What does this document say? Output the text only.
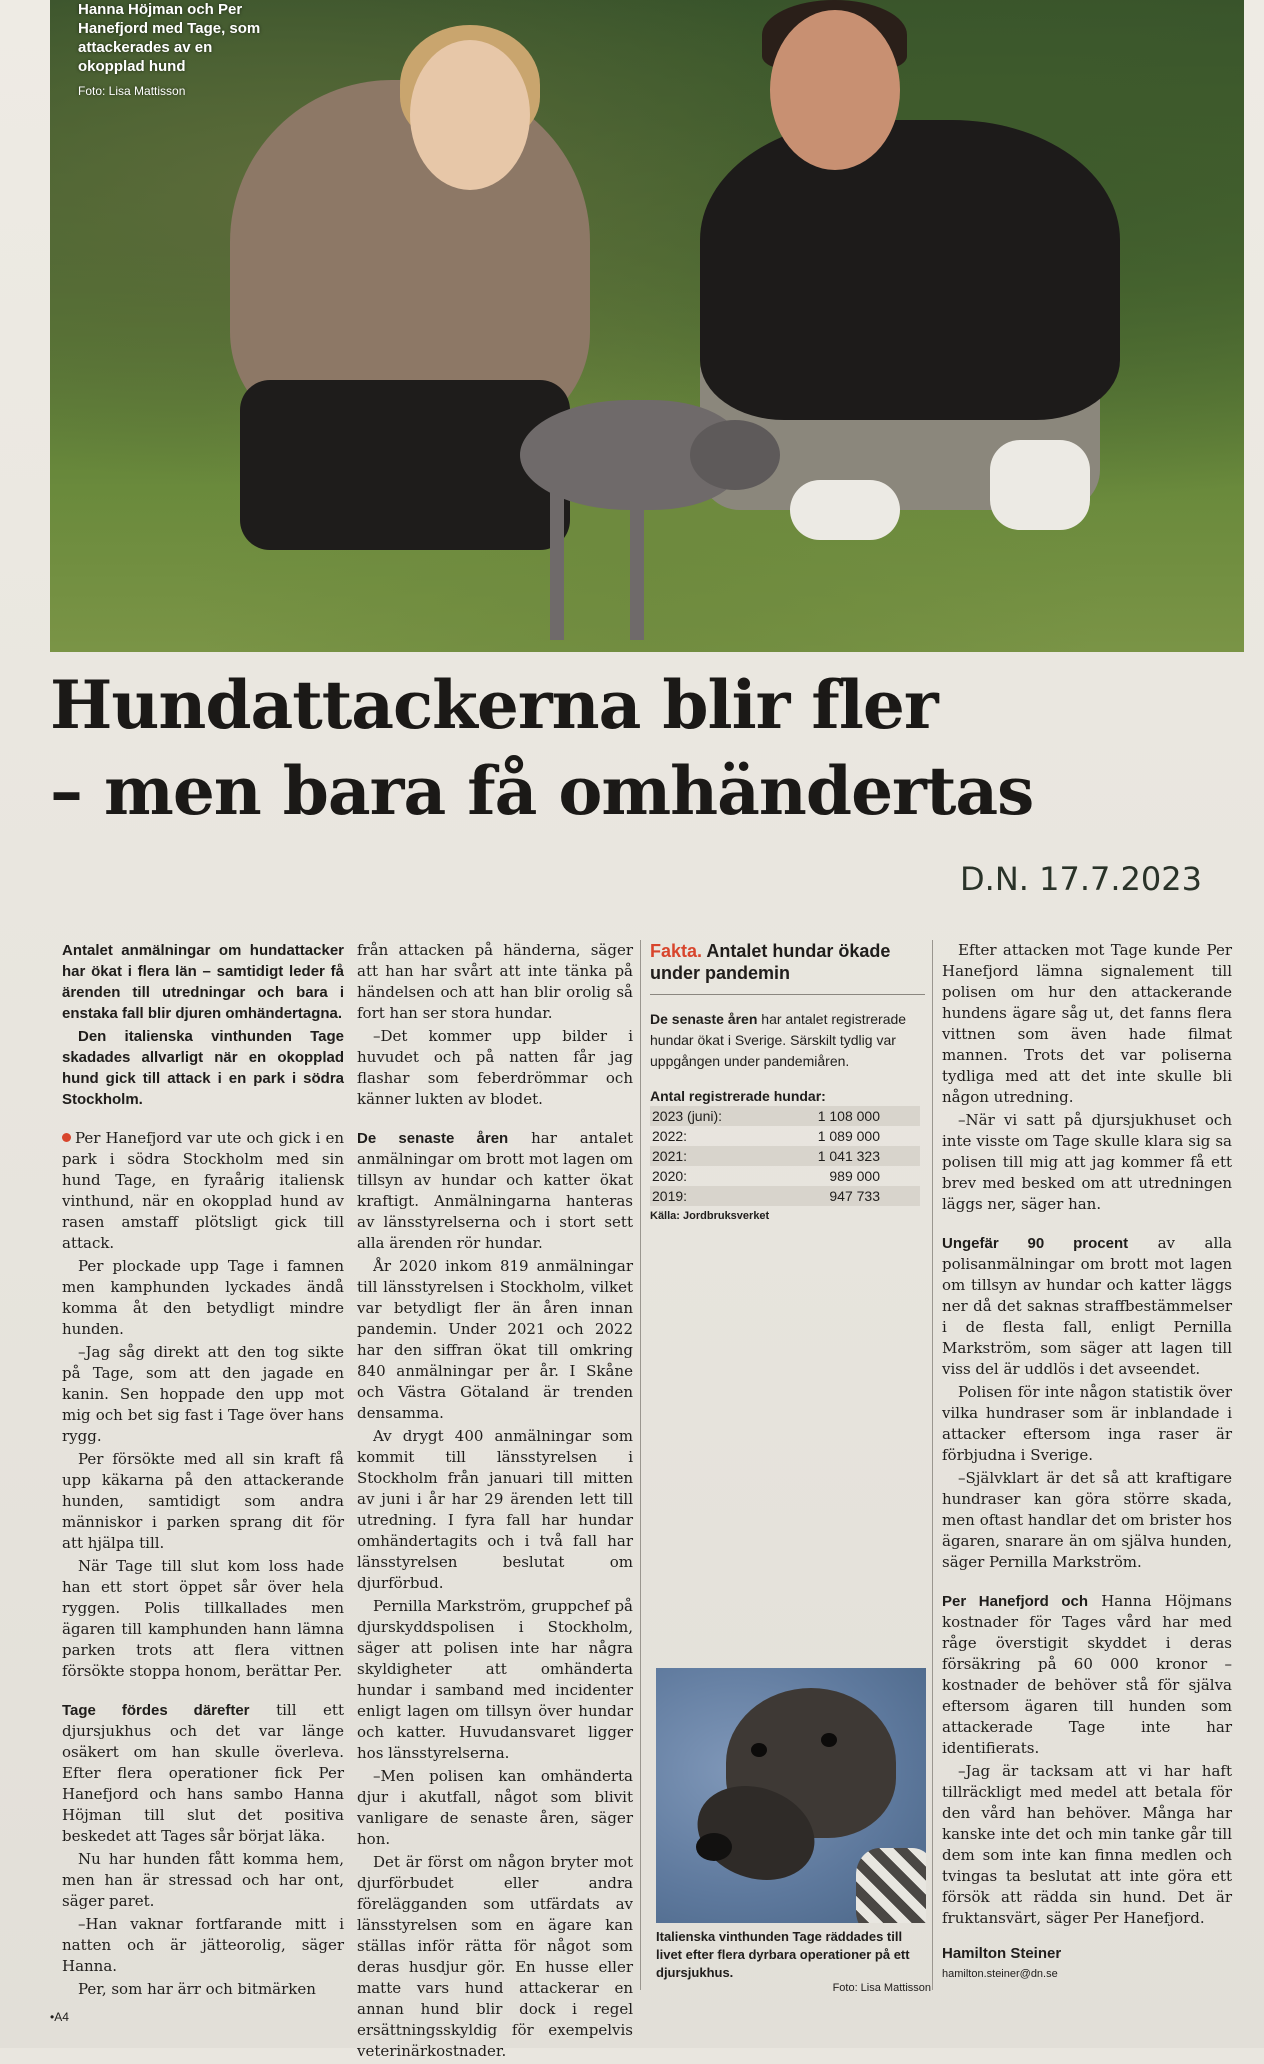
Hanna Höjman och Per Hanefjord med Tage, som attackerades av en okopplad hund
Foto: Lisa Mattisson
Hundattackerna blir fler
– men bara få omhändertas
D.N. 17.7.2023

Antalet anmälningar om hundattacker har ökat i flera län – samtidigt leder få ärenden till utredningar och bara i enstaka fall blir djuren omhändertagna.

Den italienska vinthunden Tage skadades allvarligt när en okopplad hund gick till attack i en park i södra Stockholm.

Per Hanefjord var ute och gick i en park i södra Stockholm med sin hund Tage, en fyraårig italiensk vinthund, när en okopplad hund av rasen amstaff plötsligt gick till attack.

Per plockade upp Tage i famnen men kamphunden lyckades ändå komma åt den betydligt mindre hunden.

–Jag såg direkt att den tog sikte på Tage, som att den jagade en kanin. Sen hoppade den upp mot mig och bet sig fast i Tage över hans rygg.

Per försökte med all sin kraft få upp käkarna på den attackerande hunden, samtidigt som andra människor i parken sprang dit för att hjälpa till.

När Tage till slut kom loss hade han ett stort öppet sår över hela ryggen. Polis tillkallades men ägaren till kamphunden hann lämna parken trots att flera vittnen försökte stoppa honom, berättar Per.

Tage fördes därefter till ett djursjukhus och det var länge osäkert om han skulle överleva. Efter flera operationer fick Per Hanefjord och hans sambo Hanna Höjman till slut det positiva beskedet att Tages sår börjat läka.

Nu har hunden fått komma hem, men han är stressad och har ont, säger paret.

–Han vaknar fortfarande mitt i natten och är jätteorolig, säger Hanna.

Per, som har ärr och bitmärken

från attacken på händerna, säger att han har svårt att inte tänka på händelsen och att han blir orolig så fort han ser stora hundar.

–Det kommer upp bilder i huvudet och på natten får jag flashar som feberdrömmar och känner lukten av blodet.

De senaste åren har antalet anmälningar om brott mot lagen om tillsyn av hundar och katter ökat kraftigt. Anmälningarna hanteras av länsstyrelserna och i stort sett alla ärenden rör hundar.

År 2020 inkom 819 anmälningar till länsstyrelsen i Stockholm, vilket var betydligt fler än åren innan pandemin. Under 2021 och 2022 har den siffran ökat till omkring 840 anmälningar per år. I Skåne och Västra Götaland är trenden densamma.

Av drygt 400 anmälningar som kommit till länsstyrelsen i Stockholm från januari till mitten av juni i år har 29 ärenden lett till utredning. I fyra fall har hundar omhändertagits och i två fall har länsstyrelsen beslutat om djurförbud.

Pernilla Markström, gruppchef på djurskyddspolisen i Stockholm, säger att polisen inte har några skyldigheter att omhänderta hundar i samband med incidenter enligt lagen om tillsyn över hundar och katter. Huvudansvaret ligger hos länsstyrelserna.

–Men polisen kan omhänderta djur i akutfall, något som blivit vanligare de senaste åren, säger hon.

Det är först om någon bryter mot djurförbudet eller andra förelägganden som utfärdats av länsstyrelsen som en ägare kan ställas inför rätta för något som deras husdjur gör. En husse eller matte vars hund attackerar en annan hund blir dock i regel ersättningsskyldig för exempelvis veterinärkostnader.

Fakta. Antalet hundar ökade under pandemin
De senaste åren har antalet registrerade hundar ökat i Sverige. Särskilt tydlig var uppgången under pandemiåren.
Antal registrerade hundar:
2023 (juni):	1 108 000
2022:	1 089 000
2021:	1 041 323
2020:	989 000
2019:	947 733
Källa: Jordbruksverket
Italienska vinthunden Tage räddades till livet efter flera dyrbara operationer på ett djursjukhus.
Foto: Lisa Mattisson

Efter attacken mot Tage kunde Per Hanefjord lämna signalement till polisen om hur den attackerande hundens ägare såg ut, det fanns flera vittnen som även hade filmat mannen. Trots det var poliserna tydliga med att det inte skulle bli någon utredning.

–När vi satt på djursjukhuset och inte visste om Tage skulle klara sig sa polisen till mig att jag kommer få ett brev med besked om att utredningen läggs ner, säger han.

Ungefär 90 procent av alla polisanmälningar om brott mot lagen om tillsyn av hundar och katter läggs ner då det saknas straffbestämmelser i de flesta fall, enligt Pernilla Markström, som säger att lagen till viss del är uddlös i det avseendet.

Polisen för inte någon statistik över vilka hundraser som är inblandade i attacker eftersom inga raser är förbjudna i Sverige.

–Självklart är det så att kraftigare hundraser kan göra större skada, men oftast handlar det om brister hos ägaren, snarare än om själva hunden, säger Pernilla Markström.

Per Hanefjord och Hanna Höjmans kostnader för Tages vård har med råge överstigit skyddet i deras försäkring på 60 000 kronor – kostnader de behöver stå för själva eftersom ägaren till hunden som attackerade Tage inte har identifierats.

–Jag är tacksam att vi har haft tillräckligt med medel att betala för den vård han behöver. Många har kanske inte det och min tanke går till dem som inte kan finna medlen och tvingas ta beslutat att inte göra ett försök att rädda sin hund. Det är fruktansvärt, säger Per Hanefjord.

Hamilton Steiner
hamilton.steiner@dn.se
•A4
